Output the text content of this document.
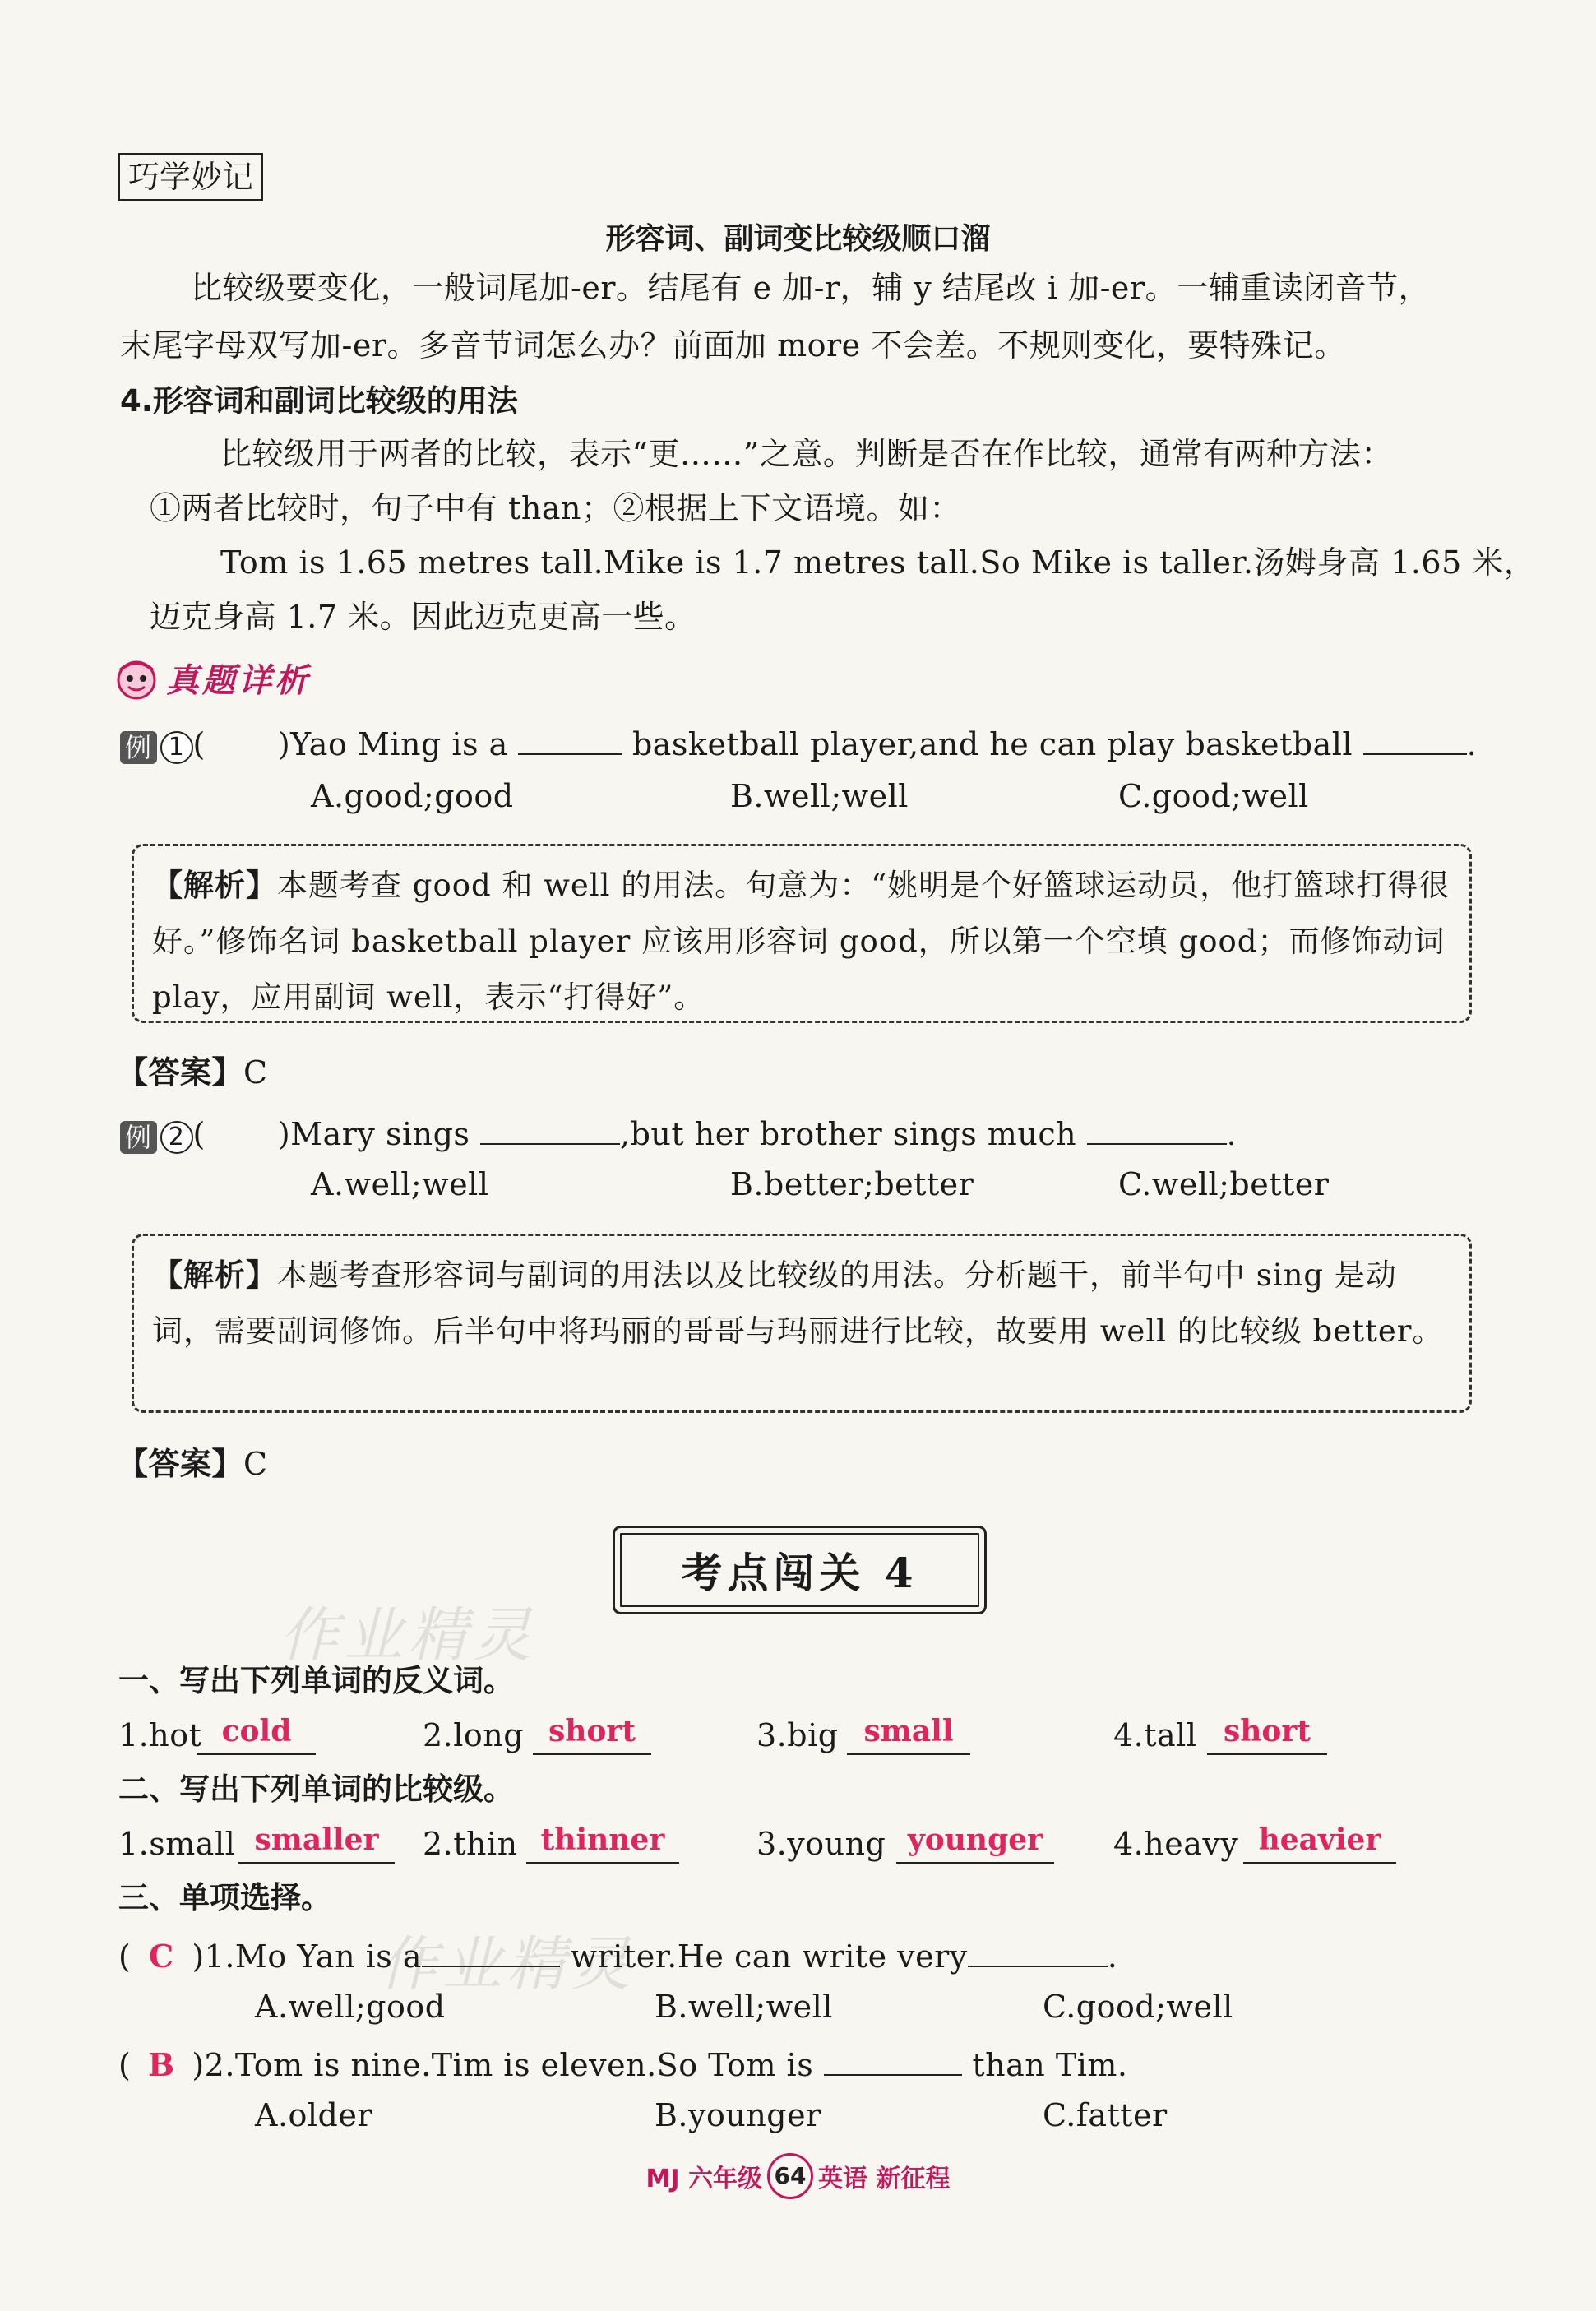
作业精灵
作业精灵
巧学妙记
形容词、副词变比较级顺口溜
比较级要变化，一般词尾加-er。结尾有 e 加-r，辅 y 结尾改 i 加-er。一辅重读闭音节，
末尾字母双写加-er。多音节词怎么办？前面加 more 不会差。不规则变化，要特殊记。
4.形容词和副词比较级的用法
比较级用于两者的比较，表示“更……”之意。判断是否在作比较，通常有两种方法：
①两者比较时，句子中有 than；②根据上下文语境。如：
Tom is 1.65 metres tall.Mike is 1.7 metres tall.So Mike is taller.汤姆身高 1.65 米，
迈克身高 1.7 米。因此迈克更高一些。
真题详析
例 1 ( )Yao Ming is a	basketball player,and he can play basketball	.
A.good;good	B.well;well	C.good;well
【解析】本题考查 good 和 well 的用法。句意为：“姚明是个好篮球运动员，他打篮球打得很好。”修饰名词 basketball player 应该用形容词 good，所以第一个空填 good；而修饰动词 play，应用副词 well，表示“打得好”。
【答案】C
例 2 ( )Mary sings	,but her brother sings much	.
A.well;well	B.better;better	C.well;better
【解析】本题考查形容词与副词的用法以及比较级的用法。分析题干，前半句中 sing 是动词，需要副词修饰。后半句中将玛丽的哥哥与玛丽进行比较，故要用 well 的比较级 better。
【答案】C
考点闯关 4
一、写出下列单词的反义词。
1.hot cold	2.long short	3.big small	4.tall short
二、写出下列单词的比较级。
1.small smaller	2.thin thinner	3.young younger	4.heavy heavier
三、单项选择。
( C )1.Mo Yan is a	writer.He can write very	.
A.well;good	B.well;well	C.good;well
( B )2.Tom is nine.Tim is eleven.So Tom is	than Tim.
A.older	B.younger	C.fatter
MJ 六年级 64 英语 新征程
